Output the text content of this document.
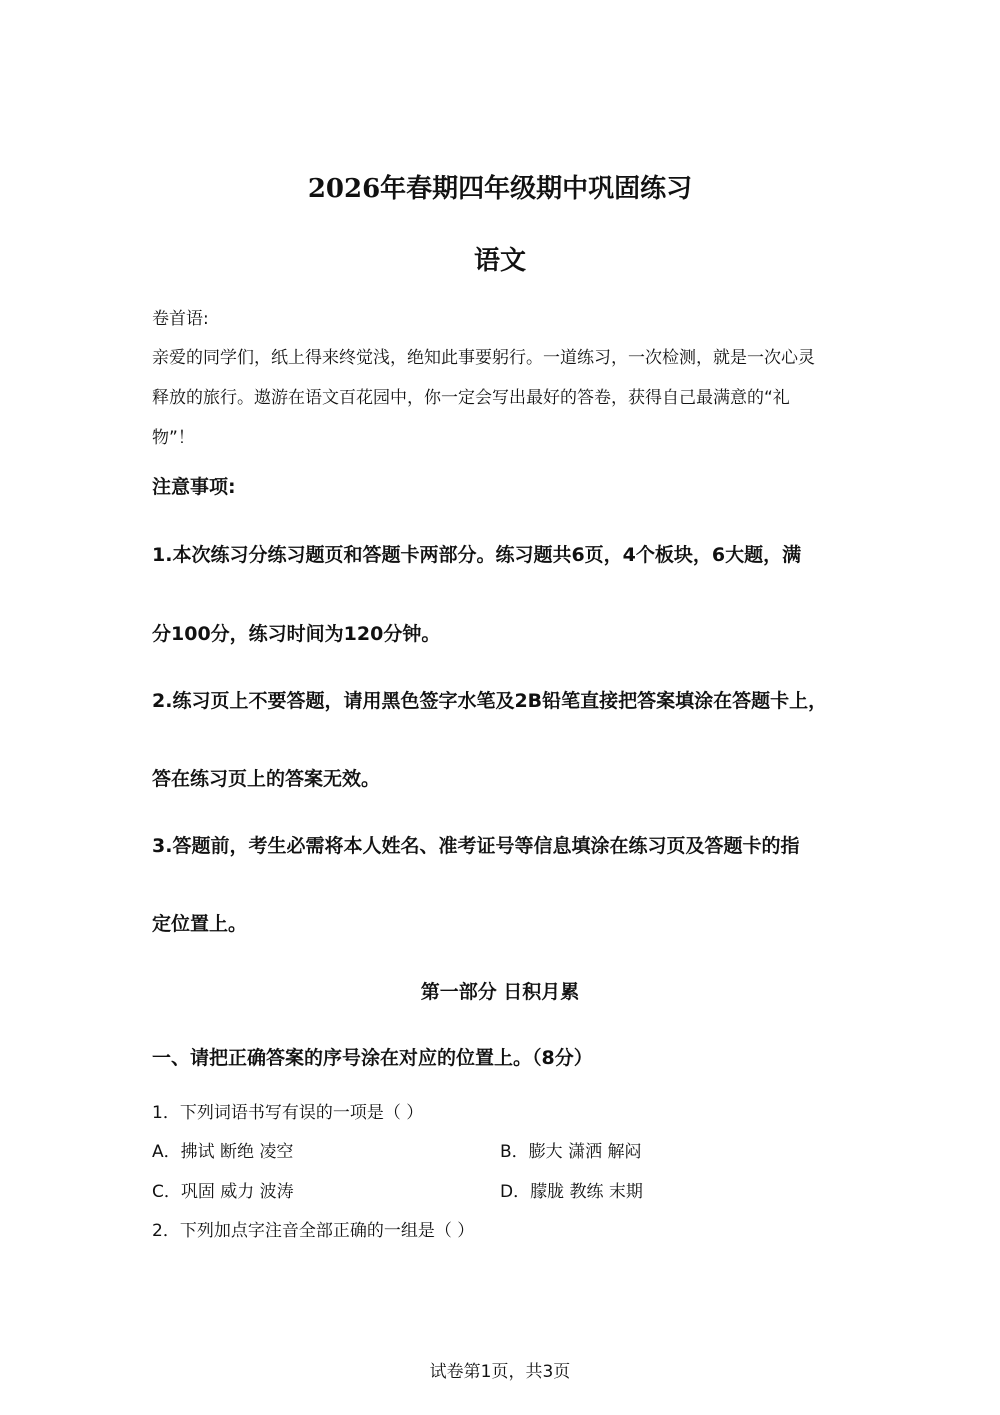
2026年春期四年级期中巩固练习
语文
卷首语:
亲爱的同学们，纸上得来终觉浅，绝知此事要躬行。一道练习，一次检测，就是一次心灵
释放的旅行。遨游在语文百花园中，你一定会写出最好的答卷，获得自己最满意的“礼
物”！
注意事项:
1.本次练习分练习题页和答题卡两部分。练习题共6页，4个板块，6大题，满
分100分，练习时间为120分钟。
2.练习页上不要答题，请用黑色签字水笔及2B铅笔直接把答案填涂在答题卡上，
答在练习页上的答案无效。
3.答题前，考生必需将本人姓名、准考证号等信息填涂在练习页及答题卡的指
定位置上。
第一部分 日积月累
一、请把正确答案的序号涂在对应的位置上。（8分）
1．下列词语书写有误的一项是（ ）
A．拂试 断绝 凌空	B．膨大 潇洒 解闷
C．巩固 威力 波涛	D．朦胧 教练 末期
2．下列加点字注音全部正确的一组是（ ）
试卷第1页，共3页
